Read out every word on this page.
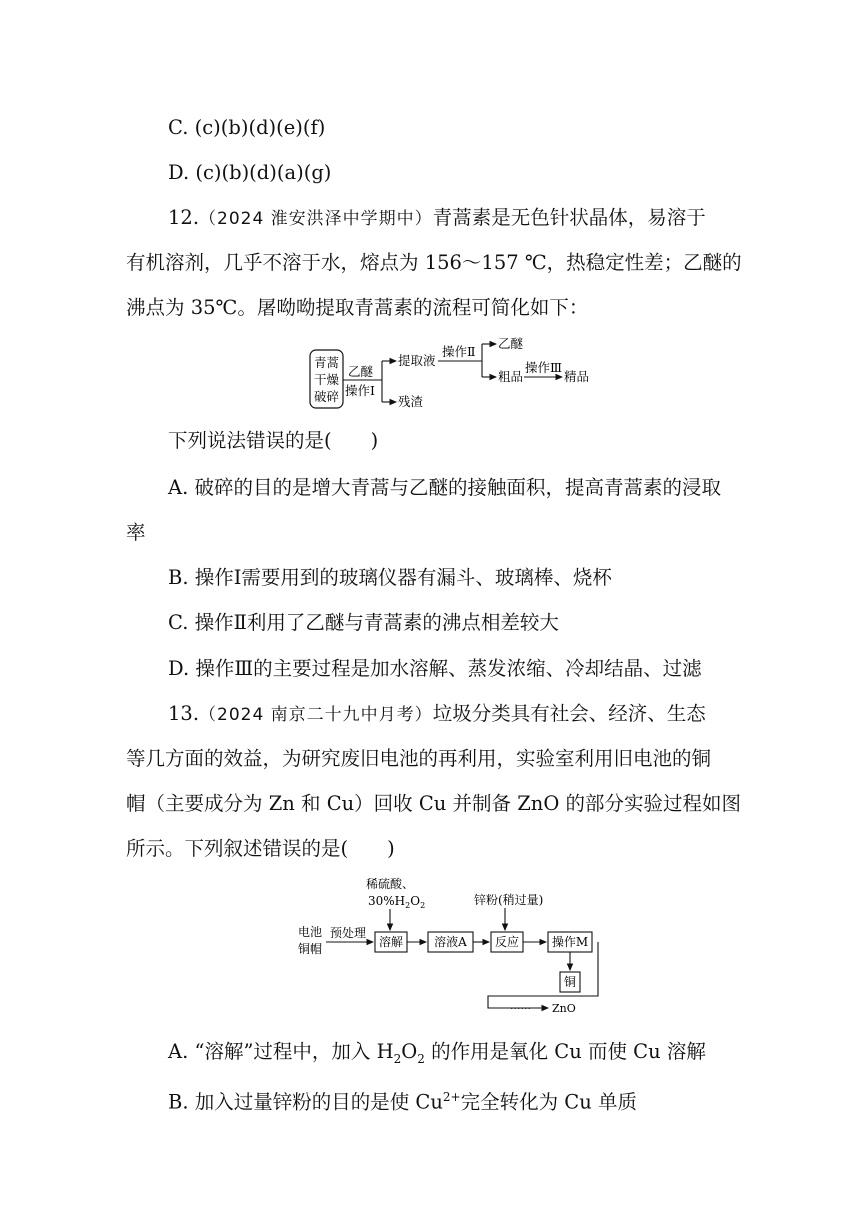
C. (c)(b)(d)(e)(f)
D. (c)(b)(d)(a)(g)
12.（2024 淮安洪泽中学期中）青蒿素是无色针状晶体，易溶于
有机溶剂，几乎不溶于水，熔点为 156～157 ℃，热稳定性差；乙醚的
沸点为 35℃。屠呦呦提取青蒿素的流程可简化如下：
青蒿
干燥
破碎
乙醚
操作Ⅰ
提取液
残渣
操作Ⅱ
乙醚
粗品
操作Ⅲ
精品
下列说法错误的是(　　)
A. 破碎的目的是增大青蒿与乙醚的接触面积，提高青蒿素的浸取
率
B. 操作Ⅰ需要用到的玻璃仪器有漏斗、玻璃棒、烧杯
C. 操作Ⅱ利用了乙醚与青蒿素的沸点相差较大
D. 操作Ⅲ的主要过程是加水溶解、蒸发浓缩、冷却结晶、过滤
13.（2024 南京二十九中月考）垃圾分类具有社会、经济、生态
等几方面的效益，为研究废旧电池的再利用，实验室利用旧电池的铜
帽（主要成分为 Zn 和 Cu）回收 Cu 并制备 ZnO 的部分实验过程如图
所示。下列叙述错误的是(　　)
稀硫酸、
$30\%H_2O_2$	锌粉(稍过量)
电池
铜帽
预处理
溶解	溶液A 反应	操作M
铜
······ ZnO
A. “溶解”过程中，加入 $H_2O_2$ 的作用是氧化 Cu 而使 Cu 溶解
B. 加入过量锌粉的目的是使 $Cu^{2+}$完全转化为 Cu 单质
